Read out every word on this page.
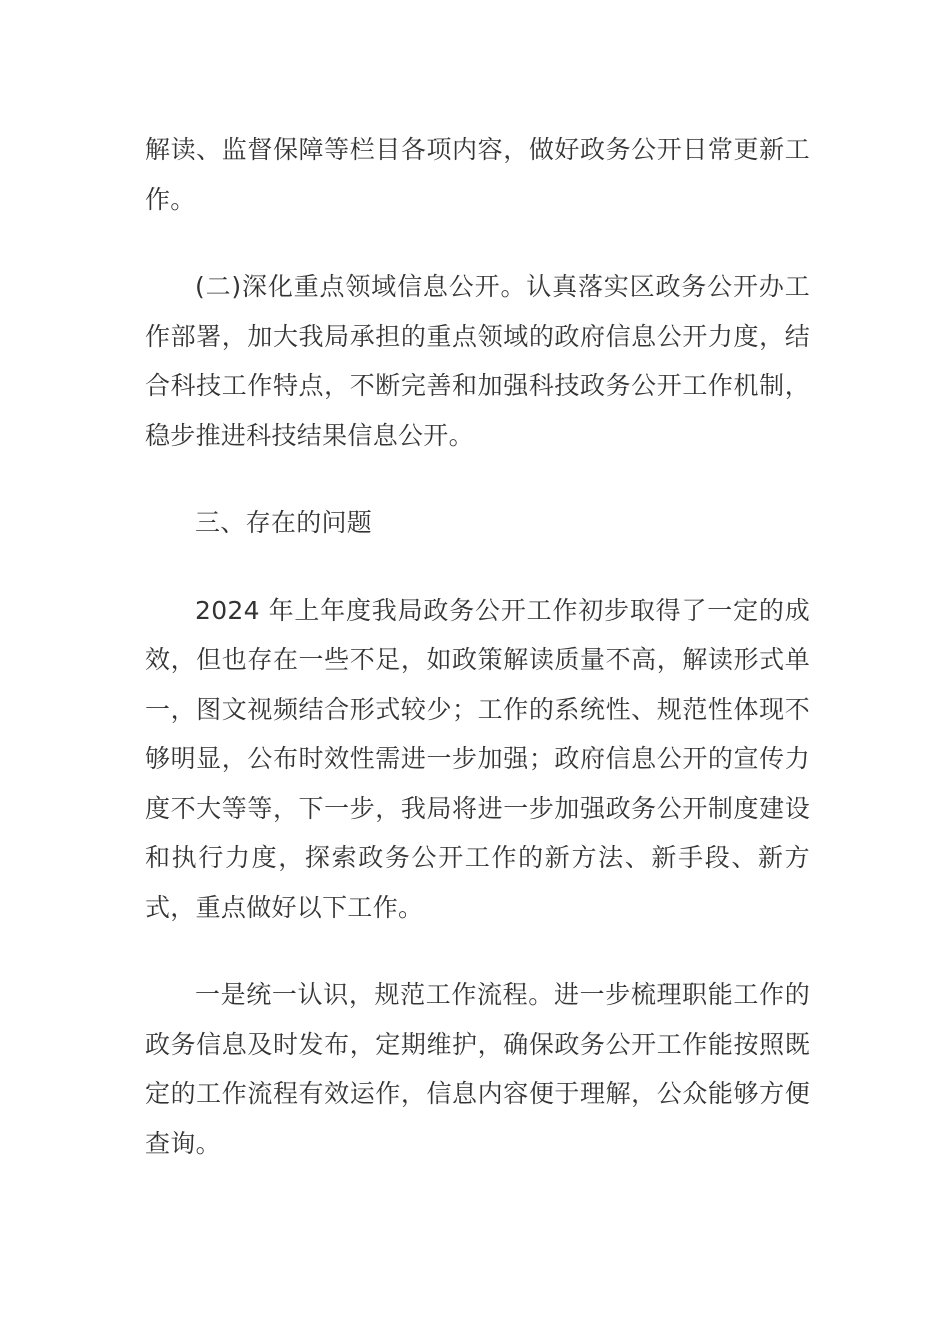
解读、监督保障等栏目各项内容，做好政务公开日常更新工作。

(二)深化重点领域信息公开。认真落实区政务公开办工作部署，加大我局承担的重点领域的政府信息公开力度，结合科技工作特点，不断完善和加强科技政务公开工作机制，稳步推进科技结果信息公开。

三、存在的问题

2024 年上年度我局政务公开工作初步取得了一定的成效，但也存在一些不足，如政策解读质量不高，解读形式单一，图文视频结合形式较少；工作的系统性、规范性体现不够明显，公布时效性需进一步加强；政府信息公开的宣传力度不大等等，下一步，我局将进一步加强政务公开制度建设和执行力度，探索政务公开工作的新方法、新手段、新方式，重点做好以下工作。

一是统一认识，规范工作流程。进一步梳理职能工作的政务信息及时发布，定期维护，确保政务公开工作能按照既定的工作流程有效运作，信息内容便于理解，公众能够方便查询。
